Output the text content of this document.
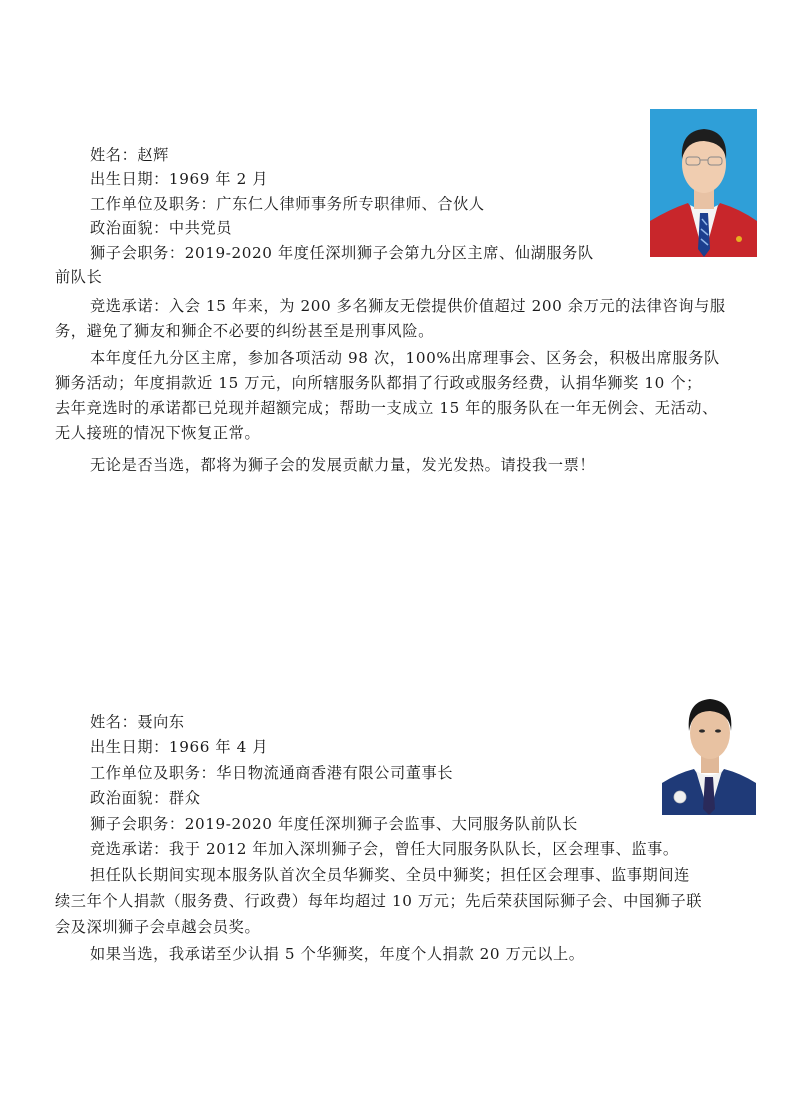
姓名：赵辉
出生日期：1969 年 2 月
工作单位及职务：广东仁人律师事务所专职律师、合伙人
政治面貌：中共党员
狮子会职务：2019-2020 年度任深圳狮子会第九分区主席、仙湖服务队
前队长
竞选承诺：入会 15 年来，为 200 多名狮友无偿提供价值超过 200 余万元的法律咨询与服
务，避免了狮友和狮企不必要的纠纷甚至是刑事风险。
本年度任九分区主席，参加各项活动 98 次，100%出席理事会、区务会，积极出席服务队
狮务活动；年度捐款近 15 万元，向所辖服务队都捐了行政或服务经费，认捐华狮奖 10 个；
去年竞选时的承诺都已兑现并超额完成；帮助一支成立 15 年的服务队在一年无例会、无活动、
无人接班的情况下恢复正常。
无论是否当选，都将为狮子会的发展贡献力量，发光发热。请投我一票！
姓名：聂向东
出生日期：1966 年 4 月
工作单位及职务：华日物流通商香港有限公司董事长
政治面貌：群众
狮子会职务：2019-2020 年度任深圳狮子会监事、大同服务队前队长
竞选承诺：我于 2012 年加入深圳狮子会，曾任大同服务队队长，区会理事、监事。
担任队长期间实现本服务队首次全员华狮奖、全员中狮奖；担任区会理事、监事期间连
续三年个人捐款（服务费、行政费）每年均超过 10 万元；先后荣获国际狮子会、中国狮子联
会及深圳狮子会卓越会员奖。
如果当选，我承诺至少认捐 5 个华狮奖，年度个人捐款 20 万元以上。
